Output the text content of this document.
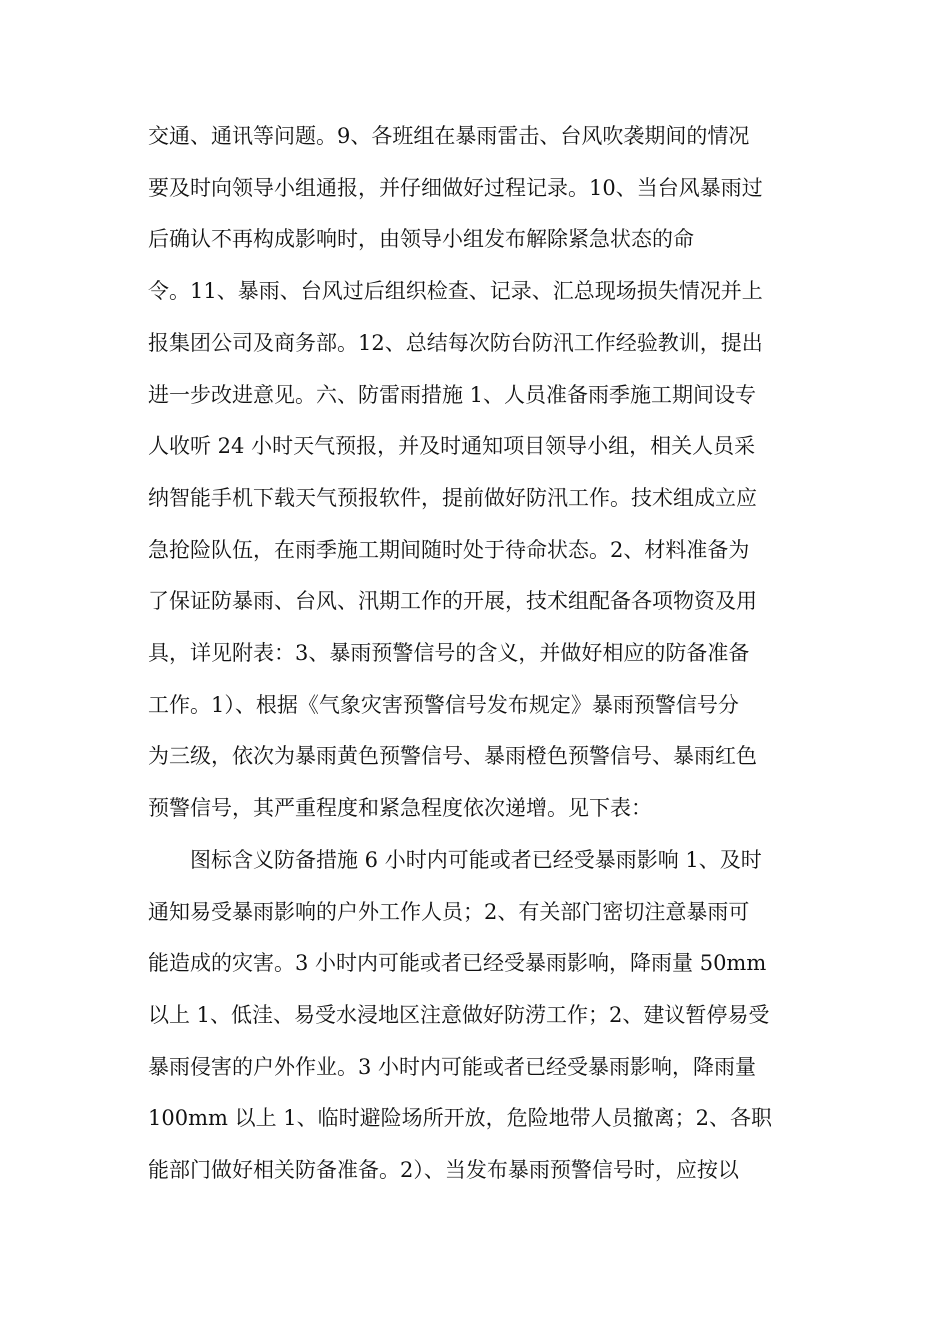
交通、通讯等问题。9、各班组在暴雨雷击、台风吹袭期间的情况
要及时向领导小组通报，并仔细做好过程记录。10、当台风暴雨过
后确认不再构成影响时，由领导小组发布解除紧急状态的命
令。11、暴雨、台风过后组织检查、记录、汇总现场损失情况并上
报集团公司及商务部。12、总结每次防台防汛工作经验教训，提出
进一步改进意见。六、防雷雨措施 1、人员准备雨季施工期间设专
人收听 24 小时天气预报，并及时通知项目领导小组，相关人员采
纳智能手机下载天气预报软件，提前做好防汛工作。技术组成立应
急抢险队伍，在雨季施工期间随时处于待命状态。2、材料准备为
了保证防暴雨、台风、汛期工作的开展，技术组配备各项物资及用
具，详见附表：3、暴雨预警信号的含义，并做好相应的防备准备
工作。1）、根据《气象灾害预警信号发布规定》暴雨预警信号分
为三级，依次为暴雨黄色预警信号、暴雨橙色预警信号、暴雨红色
预警信号，其严重程度和紧急程度依次递增。见下表：
图标含义防备措施 6 小时内可能或者已经受暴雨影响 1、及时
通知易受暴雨影响的户外工作人员；2、有关部门密切注意暴雨可
能造成的灾害。3 小时内可能或者已经受暴雨影响，降雨量 50mm
以上 1、低洼、易受水浸地区注意做好防涝工作；2、建议暂停易受
暴雨侵害的户外作业。3 小时内可能或者已经受暴雨影响，降雨量
100mm 以上 1、临时避险场所开放，危险地带人员撤离；2、各职
能部门做好相关防备准备。2）、当发布暴雨预警信号时，应按以
